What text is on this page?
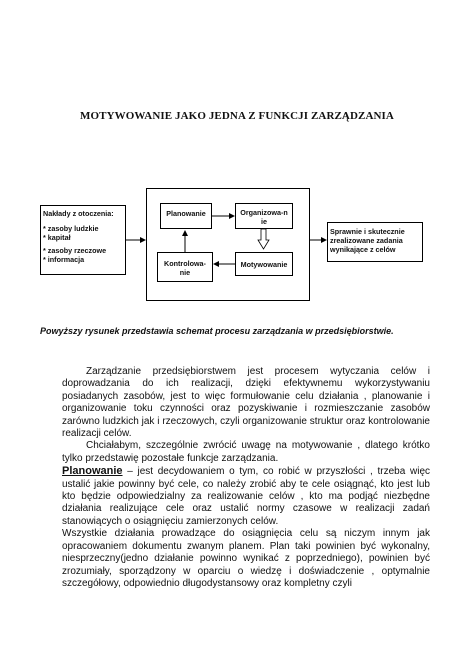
MOTYWOWANIE JAKO JEDNA Z FUNKCJI ZARZĄDZANIA
Nakłady z otoczenia:
* zasoby ludzkie
* kapitał
* zasoby rzeczowe
* informacja
Planowanie	Organizowa-n
ie
Kontrolowa-
nie
Motywowanie
Sprawnie i skutecznie
zrealizowane zadania
wynikające z celów
Powyższy rysunek przedstawia schemat procesu zarządzania w przedsiębiorstwie.

Zarządzanie przedsiębiorstwem jest procesem wytyczania celów i doprowadzania do ich realizacji, dzięki efektywnemu wykorzystywaniu posiadanych zasobów, jest to więc formułowanie celu działania , planowanie i organizowanie toku czynności oraz pozyskiwanie i rozmieszczanie zasobów zarówno ludzkich jak i rzeczowych, czyli organizowanie struktur oraz kontrolowanie realizacji celów.

Chciałabym, szczególnie zwrócić uwagę na motywowanie , dlatego krótko tylko przedstawię pozostałe funkcje zarządzania.

Planowanie – jest decydowaniem o tym, co robić w przyszłości , trzeba więc ustalić jakie powinny być cele, co należy zrobić aby te cele osiągnąć, kto jest lub kto będzie odpowiedzialny za realizowanie celów , kto ma podjąć niezbędne działania realizujące cele oraz ustalić normy czasowe w realizacji zadań stanowiących o osiągnięciu zamierzonych celów.

Wszystkie działania prowadzące do osiągnięcia celu są niczym innym jak opracowaniem dokumentu zwanym planem. Plan taki powinien być wykonalny, niesprzeczny(jedno działanie powinno wynikać z poprzedniego), powinien być zrozumiały, sporządzony w oparciu o wiedzę i doświadczenie , optymalnie szczegółowy, odpowiednio długodystansowy oraz kompletny czyli
